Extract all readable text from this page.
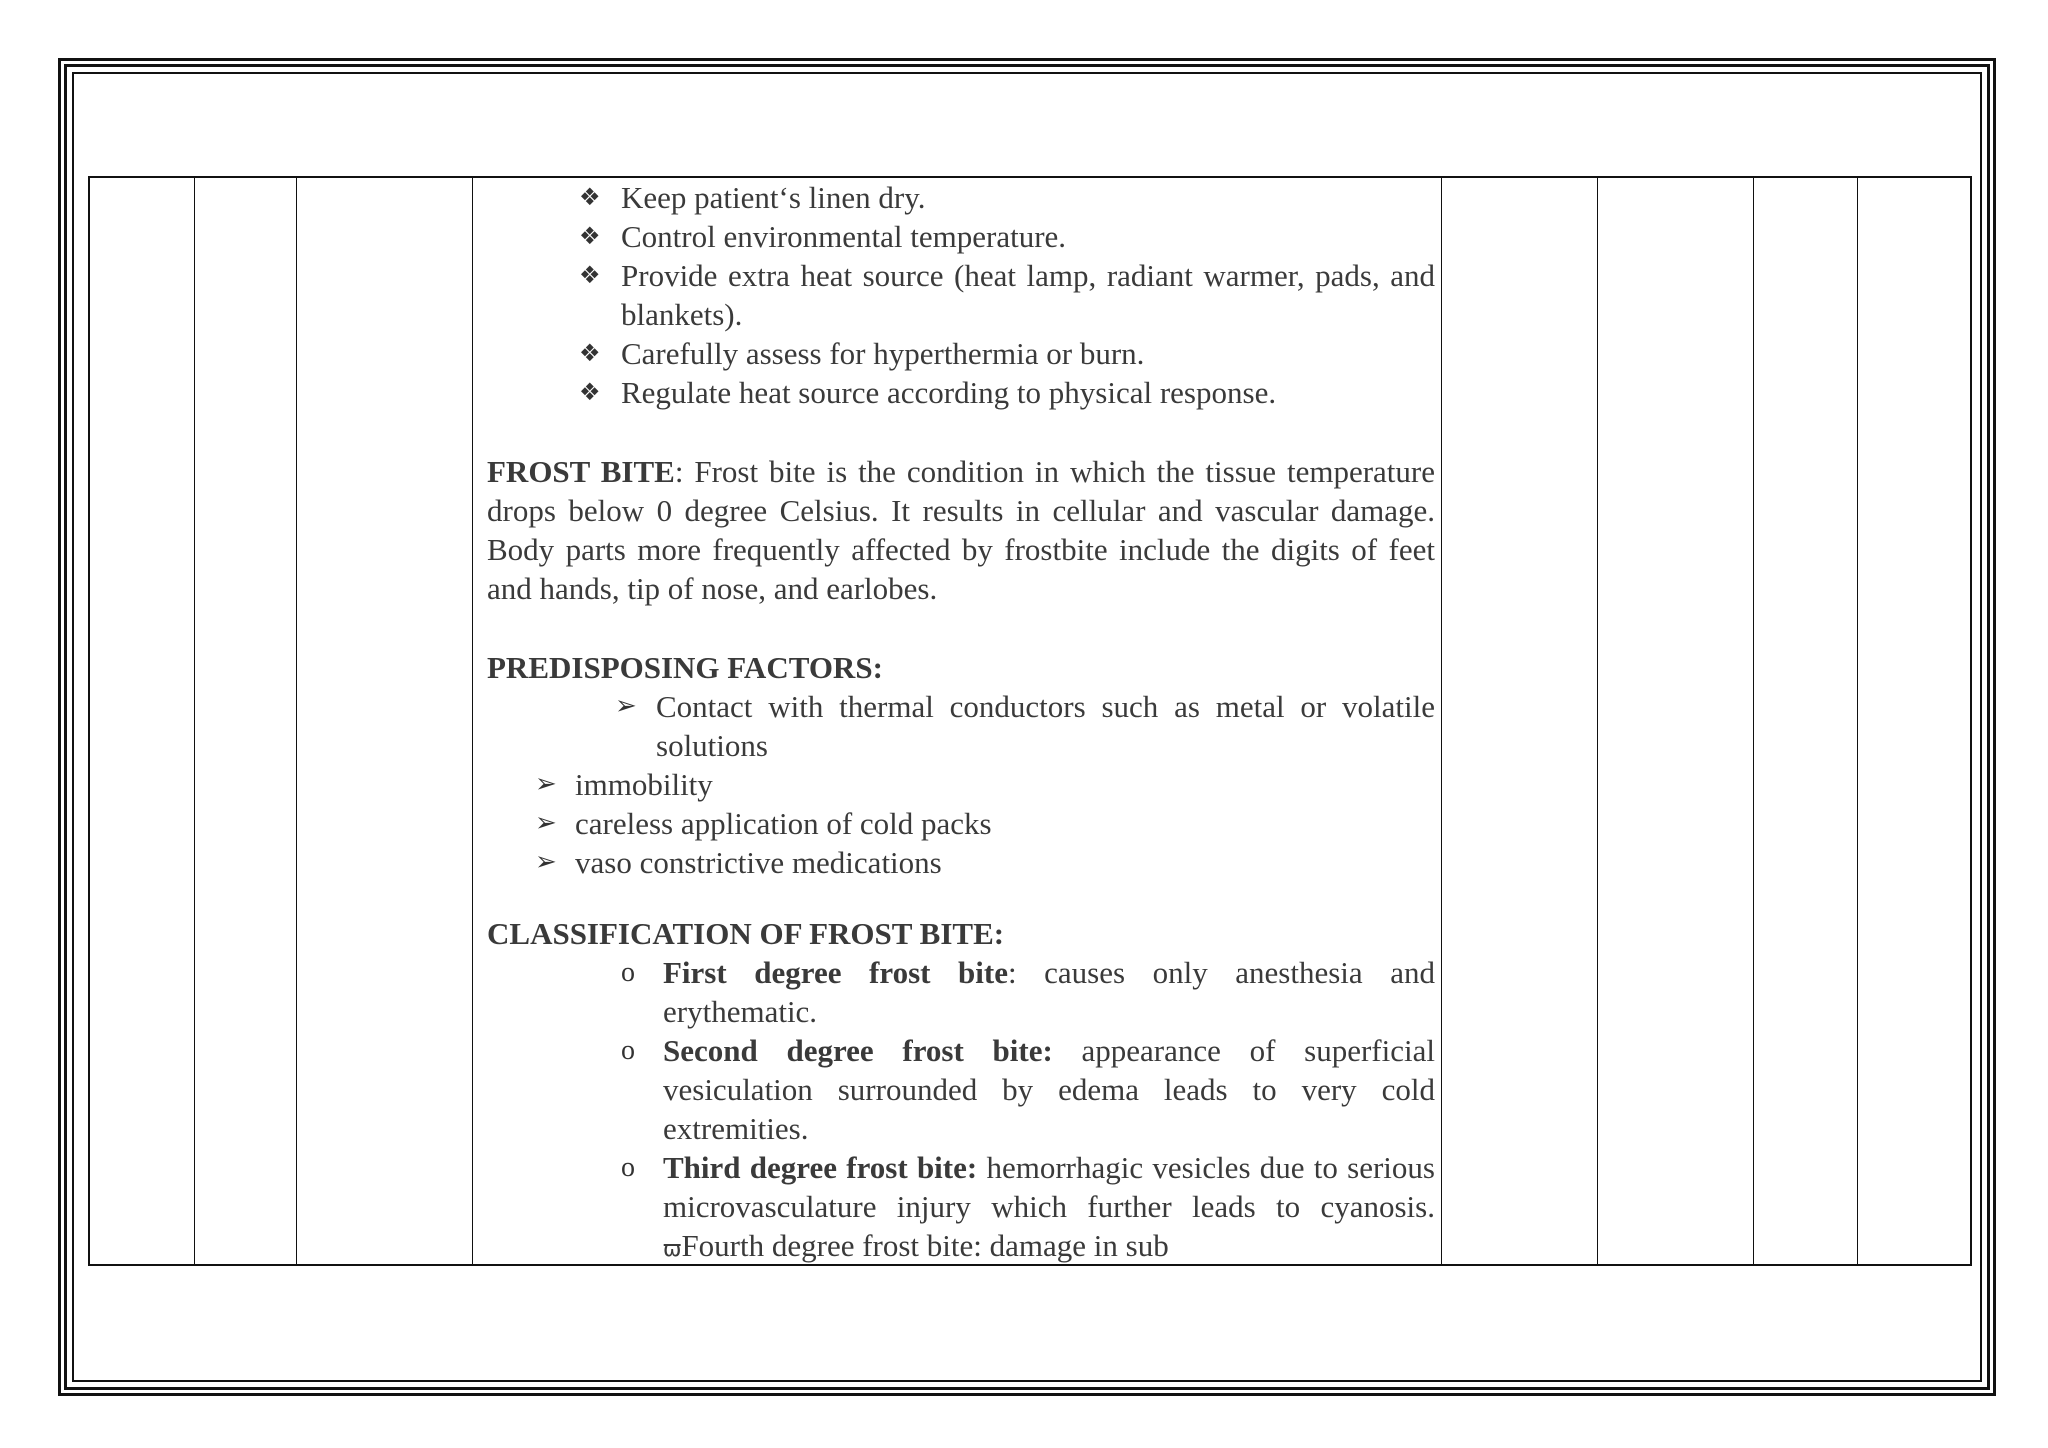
❖ Keep patient‘s linen dry.
❖ Control environmental temperature.
❖ Provide extra heat source (heat lamp, radiant warmer, pads, and blankets).
❖ Carefully assess for hyperthermia or burn.
❖ Regulate heat source according to physical response.

FROST BITE: Frost bite is the condition in which the tissue temperature drops below 0 degree Celsius. It results in cellular and vascular damage. Body parts more frequently affected by frostbite include the digits of feet and hands, tip of nose, and earlobes.

PREDISPOSING FACTORS:

➢ Contact with thermal conductors such as metal or volatile solutions
➢ immobility
➢ careless application of cold packs
➢ vaso constrictive medications

CLASSIFICATION OF FROST BITE:

o First degree frost bite: causes only anesthesia and erythematic.
o Second degree frost bite: appearance of superficial vesiculation surrounded by edema leads to very cold extremities.
o Third degree frost bite: hemorrhagic vesicles due to serious microvasculature injury which further leads to cyanosis. ϖFourth degree frost bite: damage in sub
